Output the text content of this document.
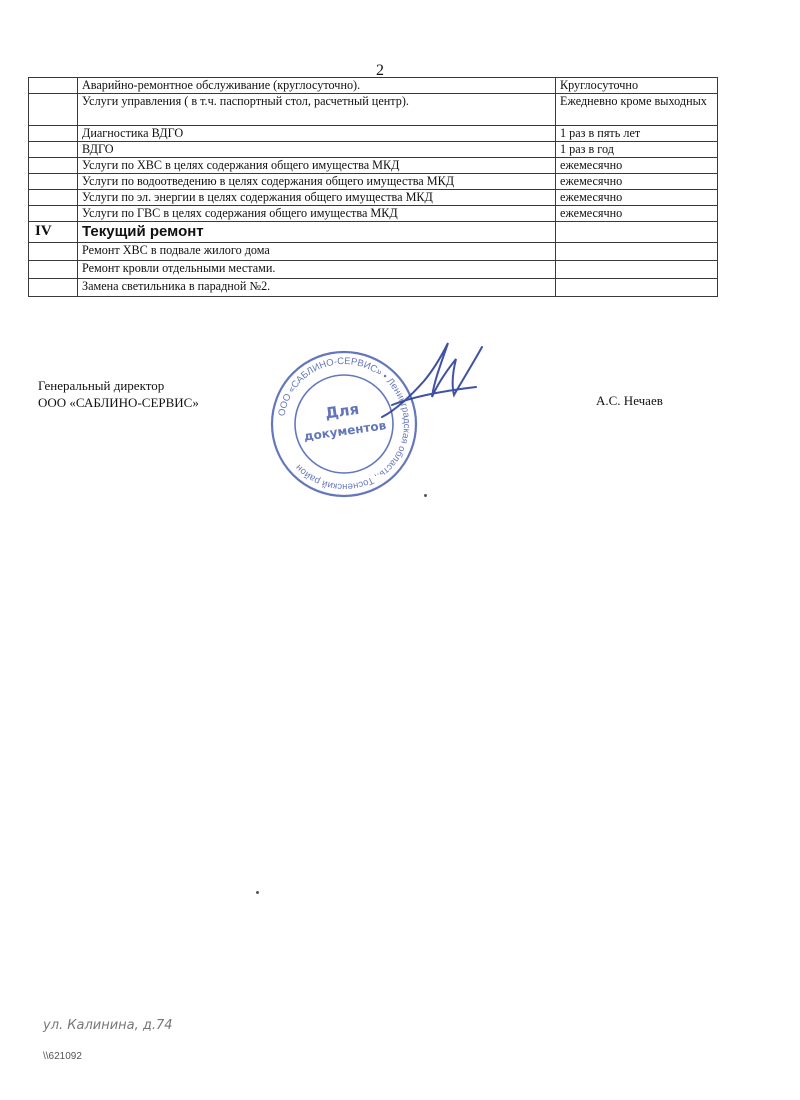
2
	Аварийно-ремонтное обслуживание (круглосуточно).	Круглосуточно
	Услуги управления ( в т.ч. паспортный стол, расчетный центр).	Ежедневно кроме выходных
	Диагностика ВДГО	1 раз в пять лет
	ВДГО	1 раз в год
	Услуги по ХВС в целях содержания общего имущества МКД	ежемесячно
	Услуги по водоотведению в целях содержания общего имущества МКД	ежемесячно
	Услуги по эл. энергии в целях содержания общего имущества МКД	ежемесячно
	Услуги по ГВС в целях содержания общего имущества МКД	ежемесячно
IV	Текущий ремонт	
	Ремонт ХВС в подвале жилого дома	
	Ремонт кровли отдельными местами.	
	Замена светильника в парадной №2.	
Генеральный директор
ООО «САБЛИНО-СЕРВИС»	А.С. Нечаев
ООО «САБЛИНО-СЕРВИС» • Ленинградская область., Тосненский район
Для
документов
ул. Калинина, д.74
\\621092
